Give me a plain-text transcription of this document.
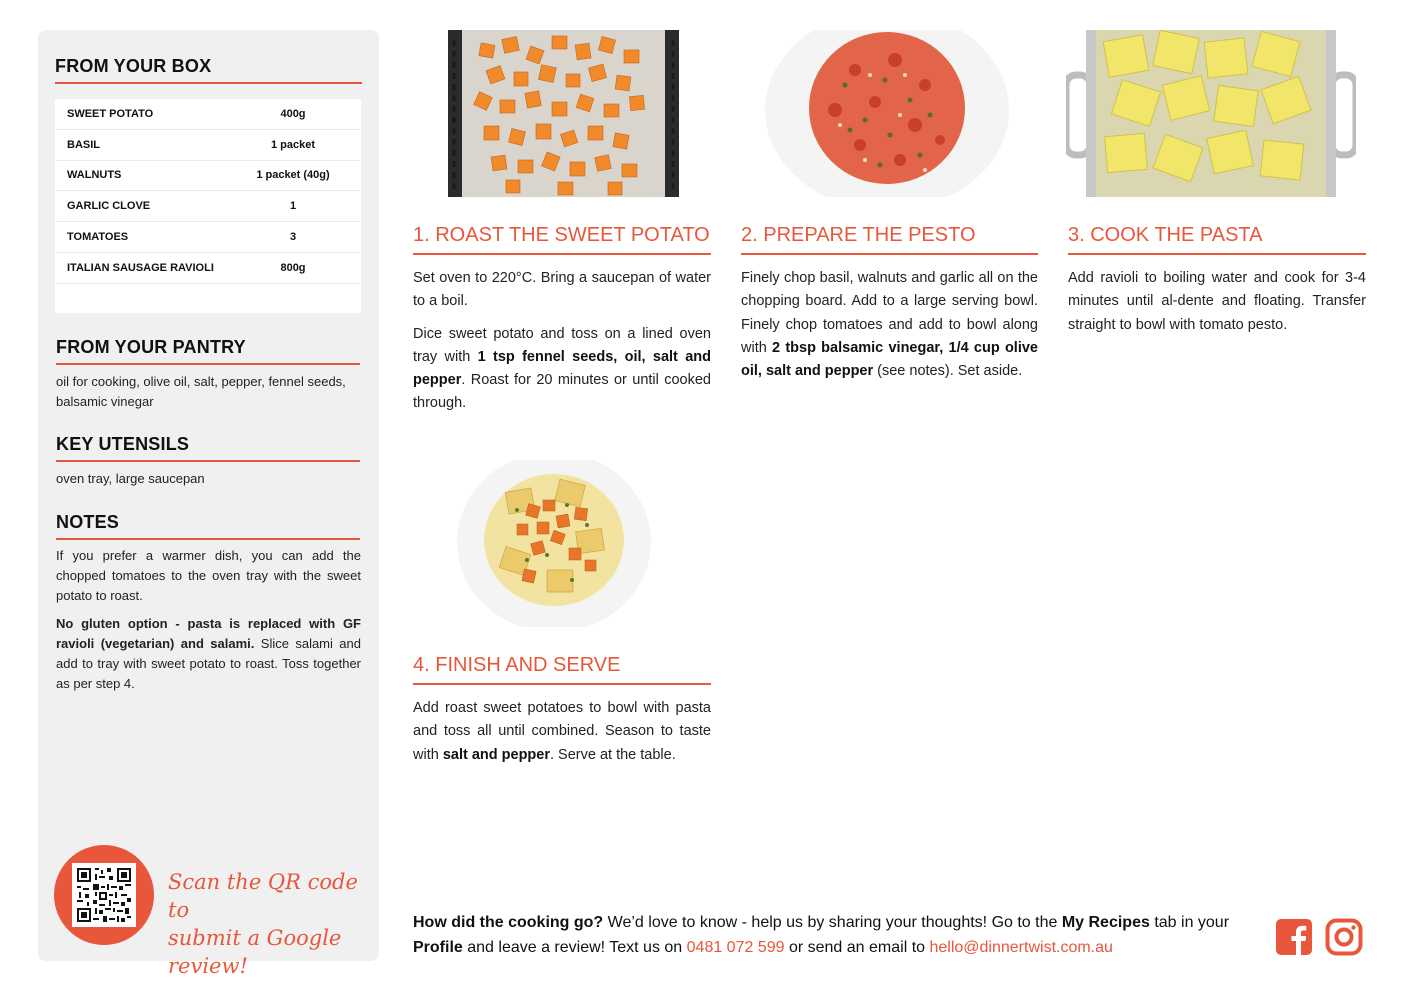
FROM YOUR BOX
SWEET POTATO	400g
BASIL	1 packet
WALNUTS	1 packet (40g)
GARLIC CLOVE	1
TOMATOES	3
ITALIAN SAUSAGE RAVIOLI	800g
FROM YOUR PANTRY
oil for cooking, olive oil, salt, pepper, fennel seeds, balsamic vinegar
KEY UTENSILS
oven tray, large saucepan
NOTES
If you prefer a warmer dish, you can add the chopped tomatoes to the oven tray with the sweet potato to roast.
No gluten option - pasta is replaced with GF ravioli (vegetarian) and salami. Slice salami and add to tray with sweet potato to roast. Toss together as per step 4.
Scan the QR code to
submit a Google review!
1. ROAST THE SWEET POTATO

Set oven to 220°C. Bring a saucepan of water to a boil.

Dice sweet potato and toss on a lined oven tray with 1 tsp fennel seeds, oil, salt and pepper. Roast for 20 minutes or until cooked through.

2. PREPARE THE PESTO
Finely chop basil, walnuts and garlic all on the chopping board. Add to a large serving bowl. Finely chop tomatoes and add to bowl along with 2 tbsp balsamic vinegar, 1/4 cup olive oil, salt and pepper (see notes). Set aside.
3. COOK THE PASTA
Add ravioli to boiling water and cook for 3-4 minutes until al-dente and floating. Transfer straight to bowl with tomato pesto.
4. FINISH AND SERVE
Add roast sweet potatoes to bowl with pasta and toss all until combined. Season to taste with salt and pepper. Serve at the table.
How did the cooking go? We’d love to know - help us by sharing your thoughts! Go to the My Recipes tab in your Profile and leave a review! Text us on 0481 072 599 or send an email to hello@dinnertwist.com.au
